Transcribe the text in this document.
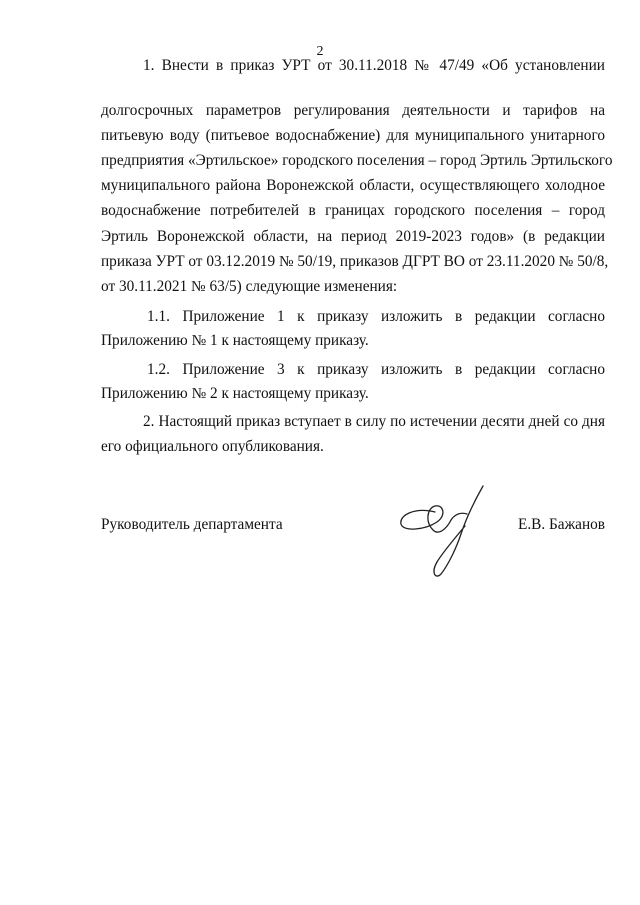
2
1. Внести в приказ УРТ от 30.11.2018 № 47/49 «Об установлении
долгосрочных параметров регулирования деятельности и тарифов на
питьевую воду (питьевое водоснабжение) для муниципального унитарного
предприятия «Эртильское» городского поселения – город Эртиль Эртильского
муниципального района Воронежской области, осуществляющего холодное
водоснабжение потребителей в границах городского поселения – город
Эртиль Воронежской области, на период 2019-2023 годов» (в редакции
приказа УРТ от 03.12.2019 № 50/19, приказов ДГРТ ВО от 23.11.2020 № 50/8,
от 30.11.2021 № 63/5) следующие изменения:
1.1. Приложение 1 к приказу изложить в редакции согласно
Приложению № 1 к настоящему приказу.
1.2. Приложение 3 к приказу изложить в редакции согласно
Приложению № 2 к настоящему приказу.
2. Настоящий приказ вступает в силу по истечении десяти дней со дня
его официального опубликования.
Руководитель департамента	Е.В. Бажанов
